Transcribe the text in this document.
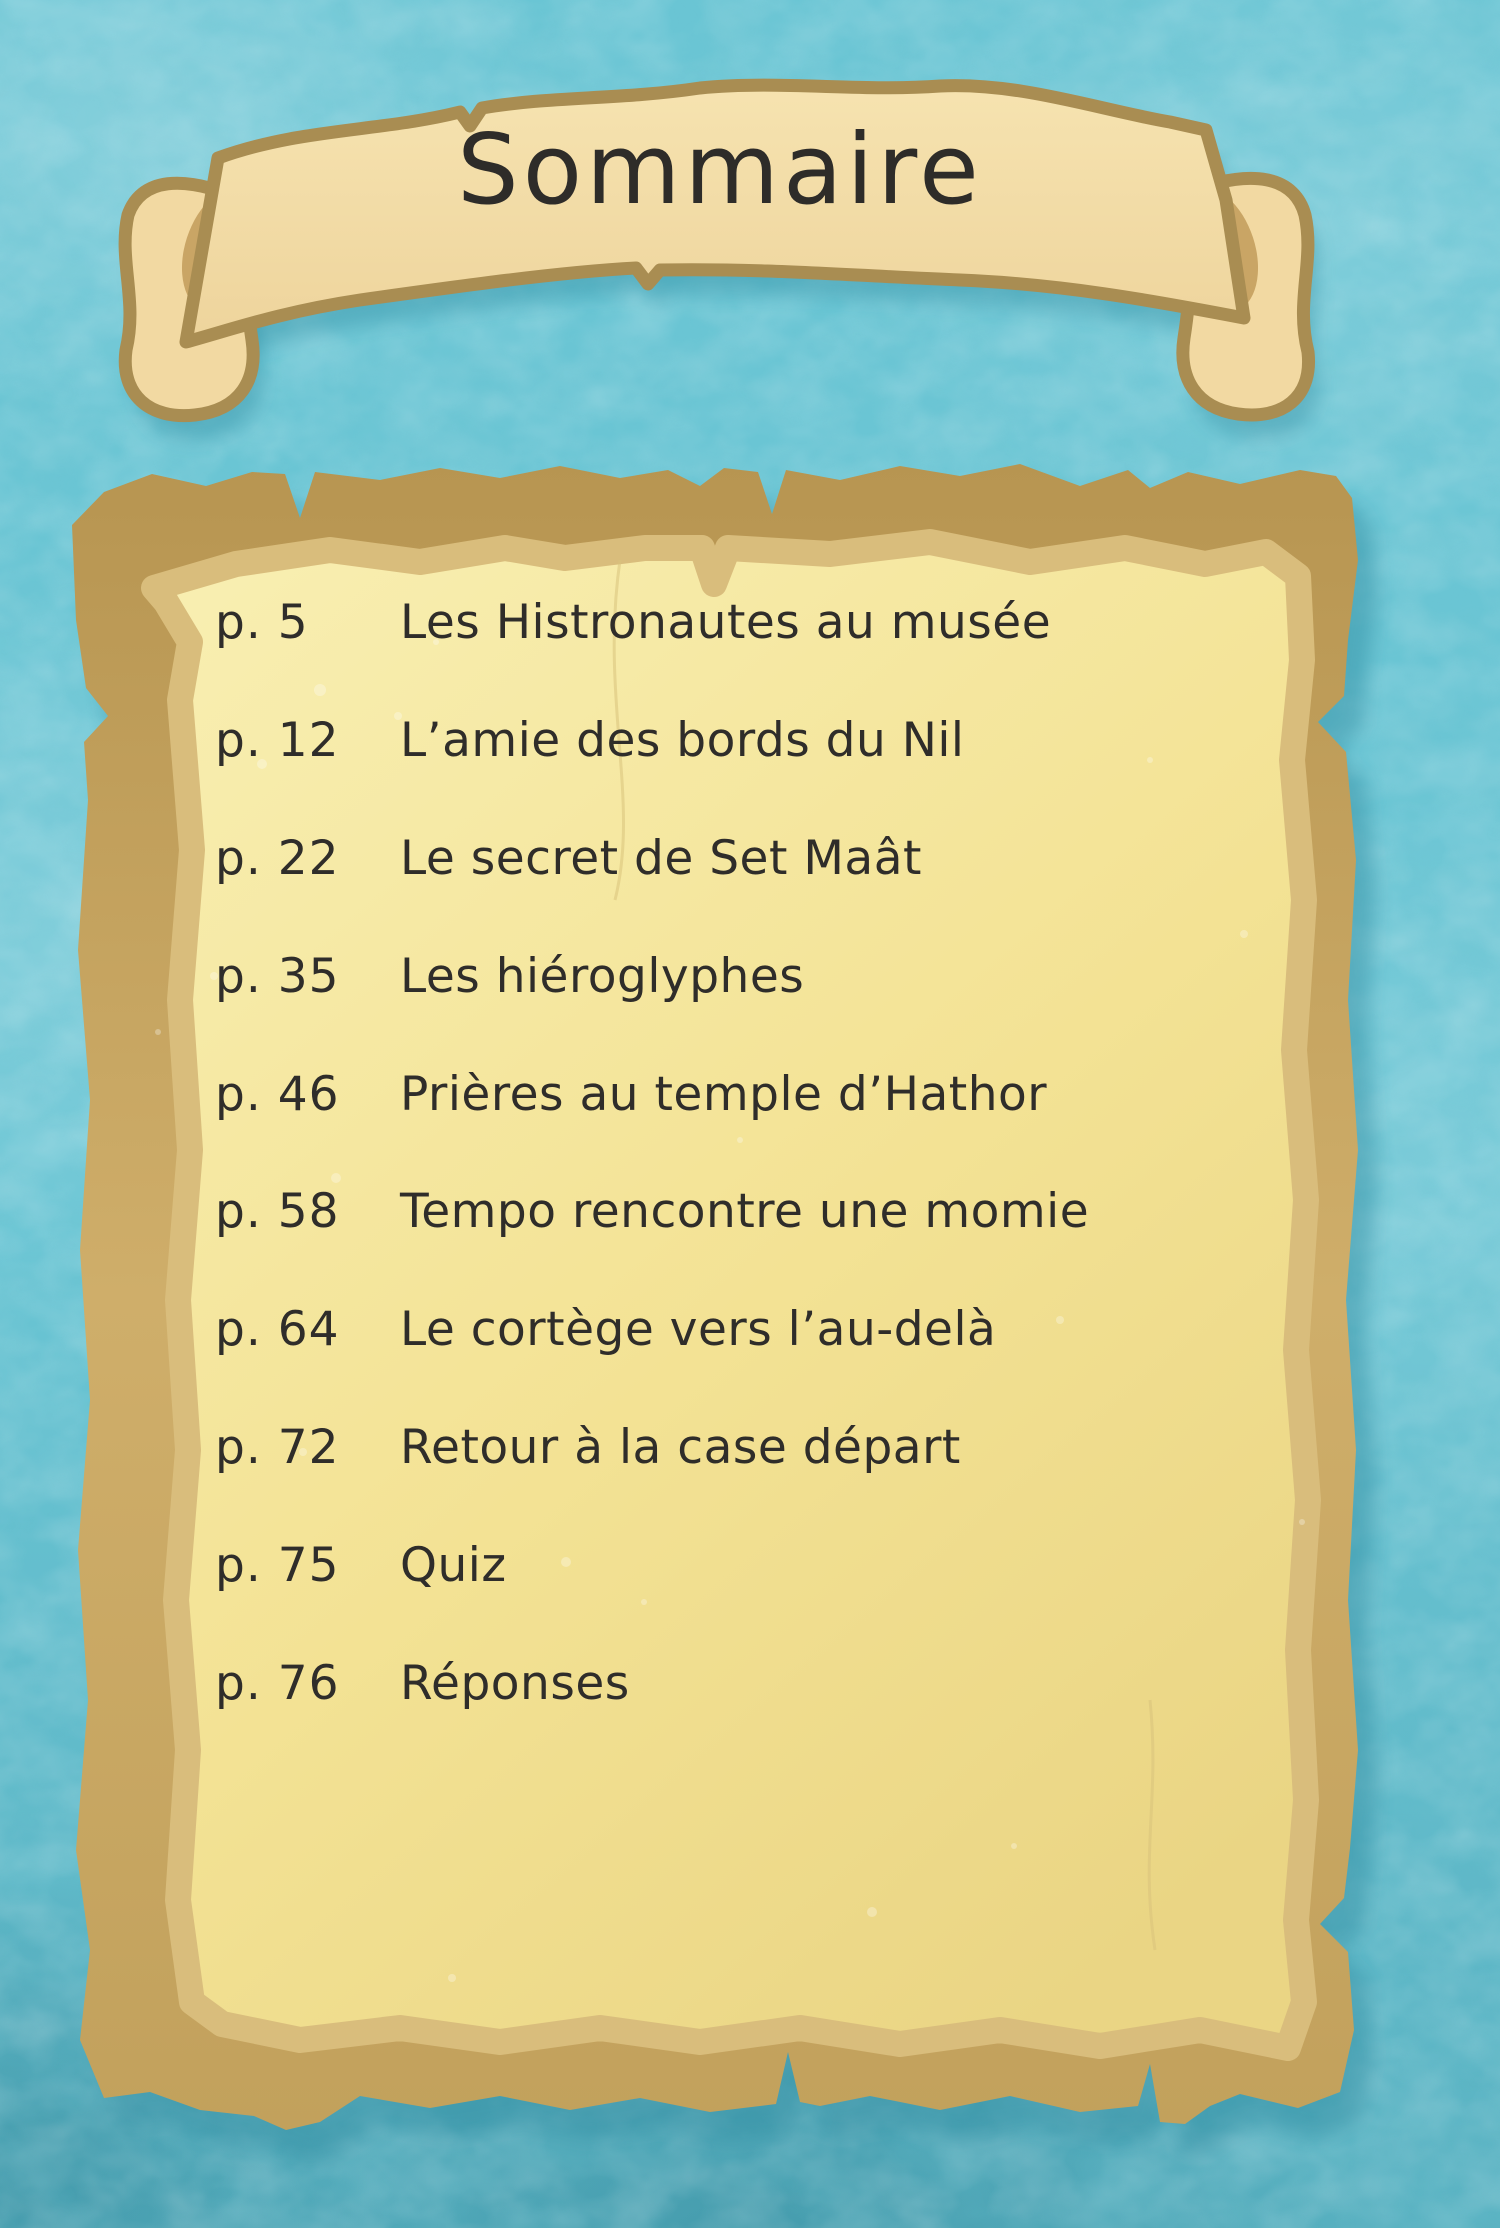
Sommaire
p. 5	Les Histronautes au musée
p. 12	L’amie des bords du Nil
p. 22	Le secret de Set Maât
p. 35	Les hiéroglyphes
p. 46	Prières au temple d’Hathor
p. 58	Tempo rencontre une momie
p. 64	Le cortège vers l’au-delà
p. 72	Retour à la case départ
p. 75	Quiz
p. 76	Réponses
